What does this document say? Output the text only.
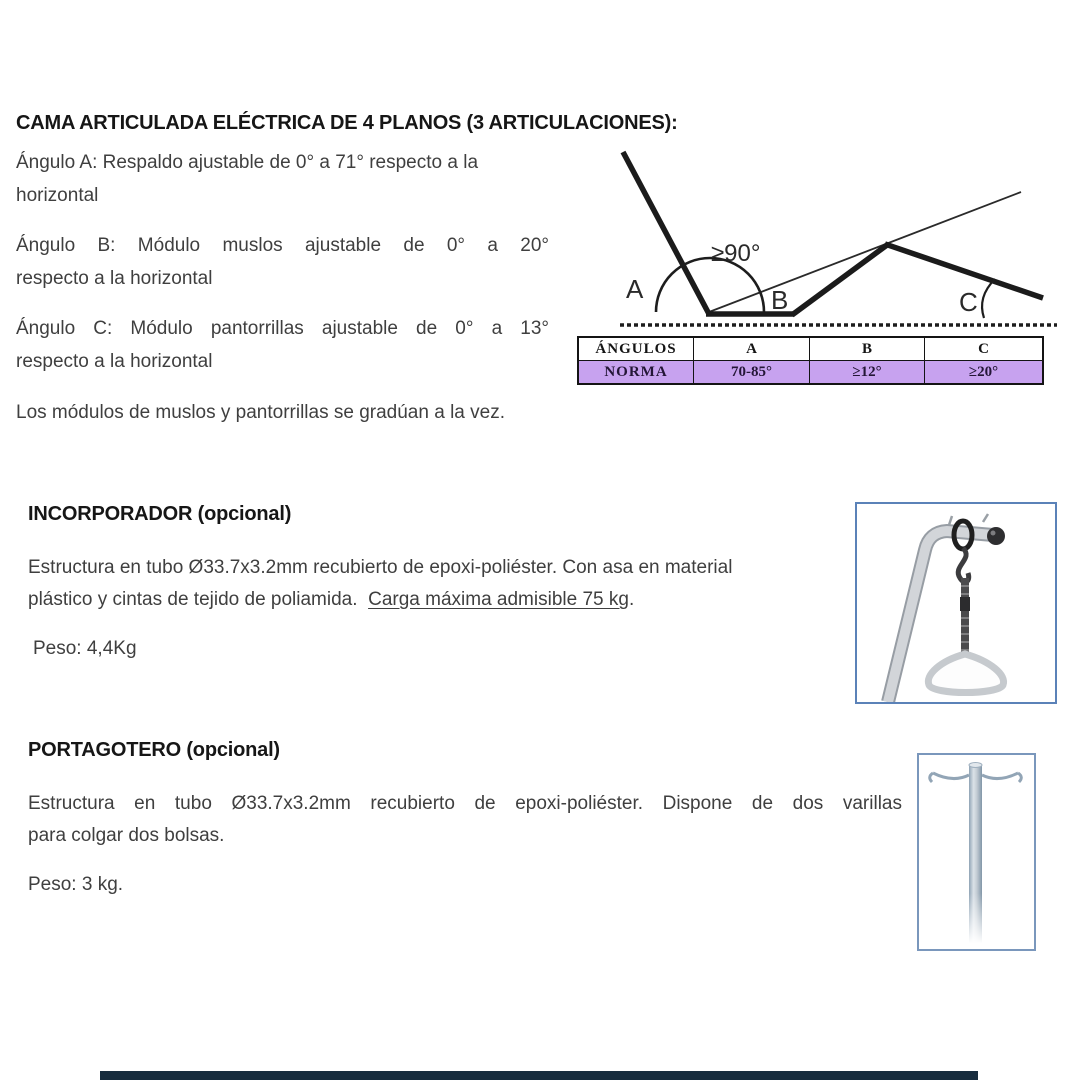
CAMA ARTICULADA ELÉCTRICA DE 4 PLANOS (3 ARTICULACIONES):
Ángulo A: Respaldo ajustable de 0° a 71° respecto a la
horizontal
Ángulo B: Módulo muslos ajustable de 0° a 20°
respecto a la horizontal
Ángulo C: Módulo pantorrillas ajustable de 0° a 13°
respecto a la horizontal
Los módulos de muslos y pantorrillas se gradúan a la vez.
A	B	C
≥90°
ÁNGULOS	A	B	C
NORMA	70-85°	≥12°	≥20°
INCORPORADOR (opcional)
Estructura en tubo Ø33.7x3.2mm recubierto de epoxi-poliéster. Con asa en material
plástico y cintas de tejido de poliamida.  Carga máxima admisible 75 kg.
Peso: 4,4Kg
PORTAGOTERO (opcional)
Estructura en tubo Ø33.7x3.2mm recubierto de epoxi-poliéster. Dispone de dos varillas
para colgar dos bolsas.
Peso: 3 kg.
